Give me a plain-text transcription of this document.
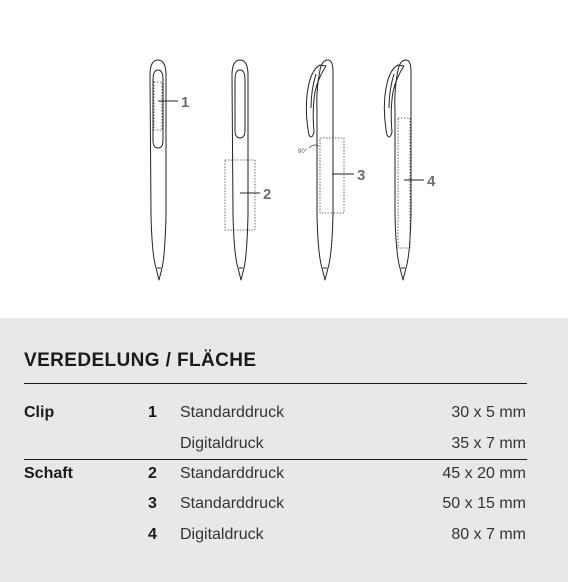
90°
1
2
3	4
VEREDELUNG / FLÄCHE
Clip	1 Standarddruck	30 x 5 mm
Digitaldruck	35 x 7 mm
Schaft	2 Standarddruck	45 x 20 mm
3 Standarddruck	50 x 15 mm
4 Digitaldruck	80 x 7 mm
